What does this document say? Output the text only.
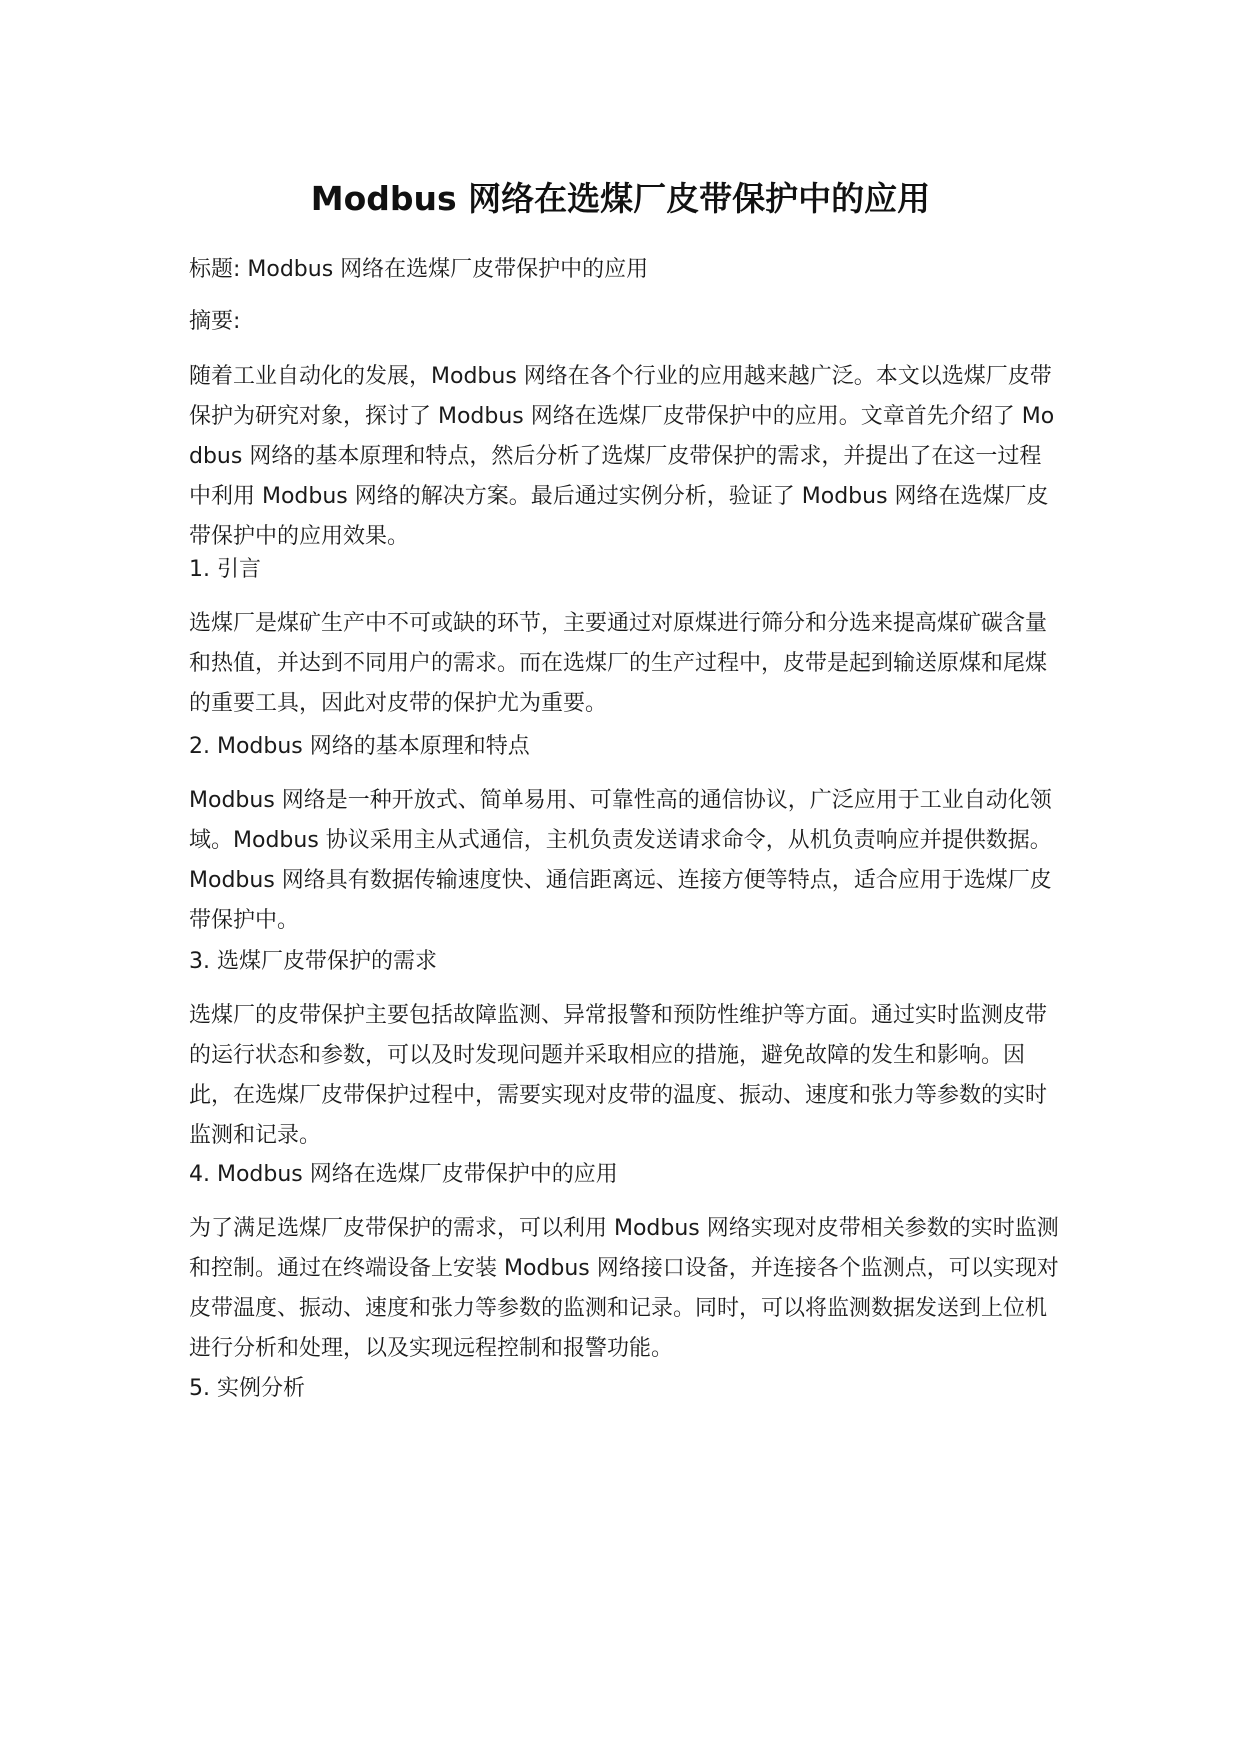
Modbus 网络在选煤厂皮带保护中的应用

标题: Modbus 网络在选煤厂皮带保护中的应用

摘要:

随着工业自动化的发展，Modbus 网络在各个行业的应用越来越广泛。本文以选煤厂皮带保护为研究对象，探讨了 Modbus 网络在选煤厂皮带保护中的应用。文章首先介绍了 Modbus 网络的基本原理和特点，然后分析了选煤厂皮带保护的需求，并提出了在这一过程中利用 Modbus 网络的解决方案。最后通过实例分析，验证了 Modbus 网络在选煤厂皮带保护中的应用效果。

1. 引言

选煤厂是煤矿生产中不可或缺的环节，主要通过对原煤进行筛分和分选来提高煤矿碳含量和热值，并达到不同用户的需求。而在选煤厂的生产过程中，皮带是起到输送原煤和尾煤的重要工具，因此对皮带的保护尤为重要。

2. Modbus 网络的基本原理和特点

Modbus 网络是一种开放式、简单易用、可靠性高的通信协议，广泛应用于工业自动化领域。Modbus 协议采用主从式通信，主机负责发送请求命令，从机负责响应并提供数据。Modbus 网络具有数据传输速度快、通信距离远、连接方便等特点，适合应用于选煤厂皮带保护中。

3. 选煤厂皮带保护的需求

选煤厂的皮带保护主要包括故障监测、异常报警和预防性维护等方面。通过实时监测皮带的运行状态和参数，可以及时发现问题并采取相应的措施，避免故障的发生和影响。因此，在选煤厂皮带保护过程中，需要实现对皮带的温度、振动、速度和张力等参数的实时监测和记录。

4. Modbus 网络在选煤厂皮带保护中的应用

为了满足选煤厂皮带保护的需求，可以利用 Modbus 网络实现对皮带相关参数的实时监测和控制。通过在终端设备上安装 Modbus 网络接口设备，并连接各个监测点，可以实现对皮带温度、振动、速度和张力等参数的监测和记录。同时，可以将监测数据发送到上位机进行分析和处理，以及实现远程控制和报警功能。

5. 实例分析
